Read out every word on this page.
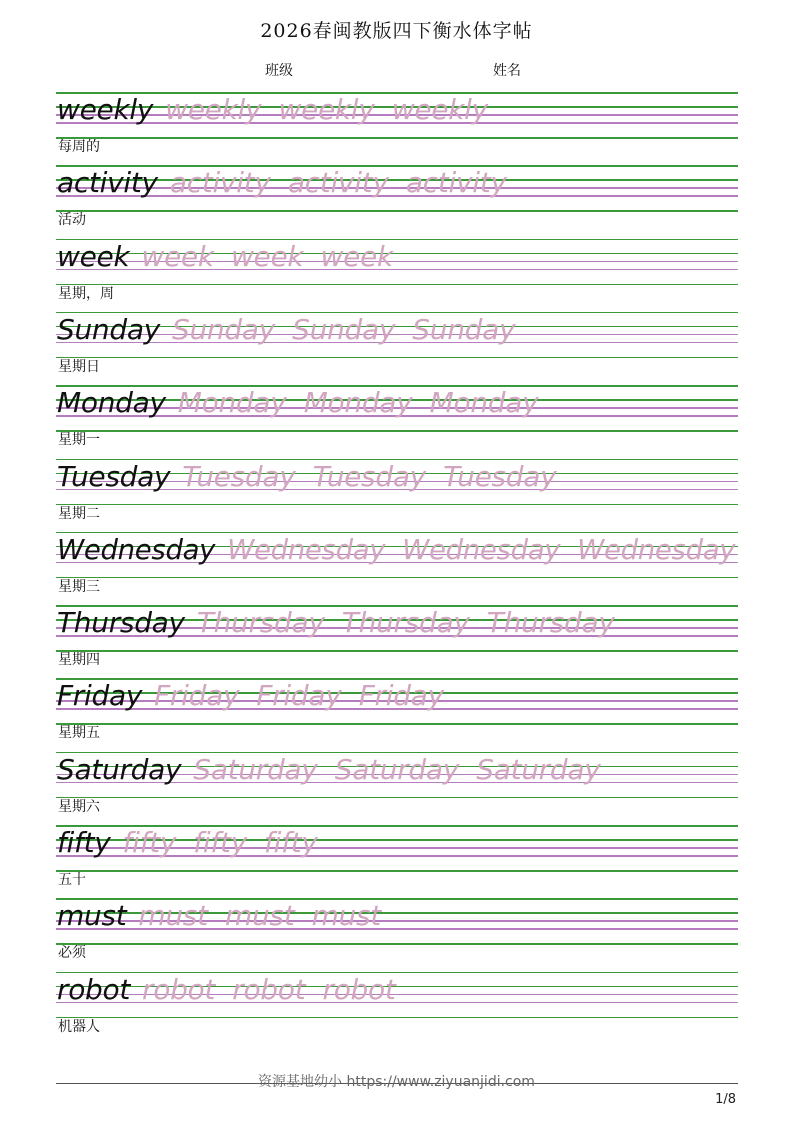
2026春闽教版四下衡水体字帖
班级	姓名
weekly weekly  weekly  weekly
每周的
activity activity  activity  activity
活动
week week  week  week
星期，周
Sunday Sunday  Sunday  Sunday
星期日
Monday Monday  Monday  Monday
星期一
Tuesday Tuesday  Tuesday  Tuesday
星期二
Wednesday Wednesday  Wednesday  Wednesday
星期三
Thursday Thursday  Thursday  Thursday
星期四
Friday Friday  Friday  Friday
星期五
Saturday Saturday  Saturday  Saturday
星期六
fifty fifty  fifty  fifty
五十
must must  must  must
必须
robot robot  robot  robot
机器人
资源基地幼小 https://www.ziyuanjidi.com
1/8
